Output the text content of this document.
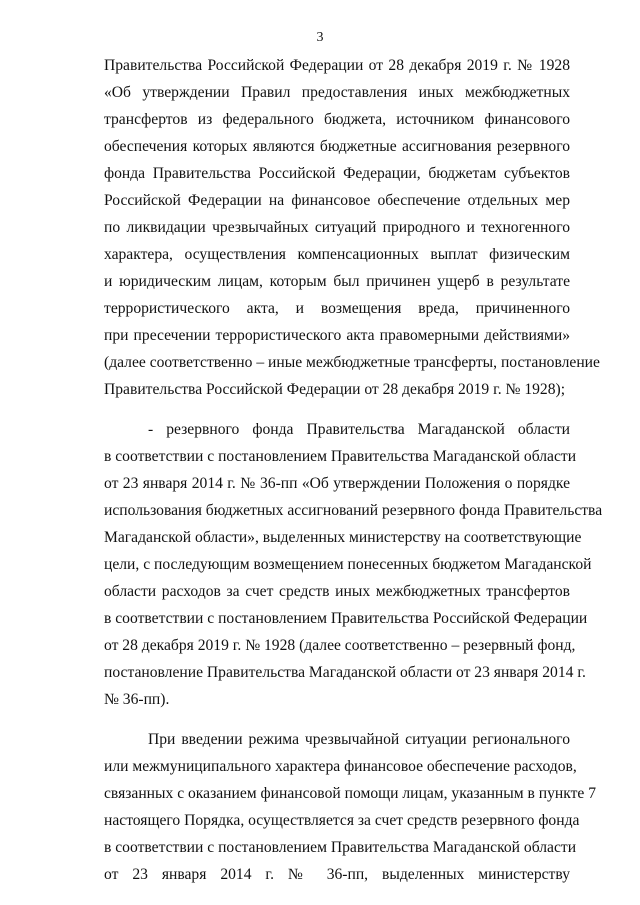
3
Правительства Российской Федерации от 28 декабря 2019 г. № 1928
«Об утверждении Правил предоставления иных межбюджетных
трансфертов из федерального бюджета, источником финансового
обеспечения которых являются бюджетные ассигнования резервного
фонда Правительства Российской Федерации, бюджетам субъектов
Российской Федерации на финансовое обеспечение отдельных мер
по ликвидации чрезвычайных ситуаций природного и техногенного
характера, осуществления компенсационных выплат физическим
и юридическим лицам, которым был причинен ущерб в результате
террористического акта, и возмещения вреда, причиненного
при пресечении террористического акта правомерными действиями»
(далее соответственно – иные межбюджетные трансферты, постановление
Правительства Российской Федерации от 28 декабря 2019 г. № 1928);
- резервного фонда Правительства Магаданской области
в соответствии с постановлением Правительства Магаданской области
от 23 января 2014 г. № 36-пп «Об утверждении Положения о порядке
использования бюджетных ассигнований резервного фонда Правительства
Магаданской области», выделенных министерству на соответствующие
цели, с последующим возмещением понесенных бюджетом Магаданской
области расходов за счет средств иных межбюджетных трансфертов
в соответствии с постановлением Правительства Российской Федерации
от 28 декабря 2019 г. № 1928 (далее соответственно – резервный фонд,
постановление Правительства Магаданской области от 23 января 2014 г.
№ 36-пп).
При введении режима чрезвычайной ситуации регионального
или межмуниципального характера финансовое обеспечение расходов,
связанных с оказанием финансовой помощи лицам, указанным в пункте 7
настоящего Порядка, осуществляется за счет средств резервного фонда
в соответствии с постановлением Правительства Магаданской области
от 23 января 2014 г. № 36-пп, выделенных министерству
